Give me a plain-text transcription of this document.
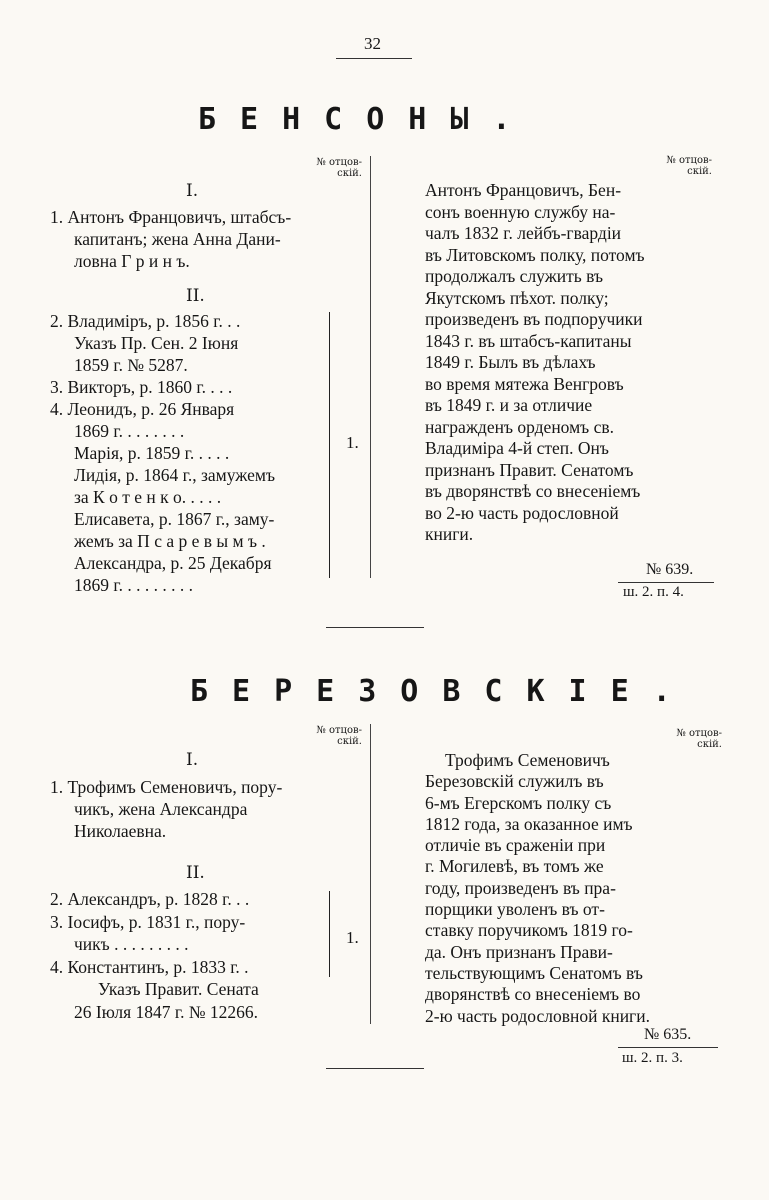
32
БЕНСОНЫ.
№ отцов-
скій.
№ отцов-
скій.
I.
1. Антонъ Францовичъ, штабсъ-
капитанъ; жена Анна Дани-
ловна Г р и н ъ.
II.
2. Владиміръ, р. 1856 г. . .
Указъ Пр. Сен. 2 Іюня
1859 г. № 5287.
3. Викторъ, р. 1860 г. . . .
4. Леонидъ, р. 26 Января
1869 г. . . . . . . .
Марія, р. 1859 г. . . . .
Лидія, р. 1864 г., замужемъ
за К о т е н к о. . . . .
Елисавета, р. 1867 г., заму-
жемъ за П с а р е в ы м ъ .
Александра, р. 25 Декабря
1869 г. . . . . . . . .
1.
Антонъ Францовичъ, Бен-
сонъ военную службу на-
чалъ 1832 г. лейбъ-гвардіи
въ Литовскомъ полку, потомъ
продолжалъ служить въ
Якутскомъ пѣхот. полку;
произведенъ въ подпоручики
1843 г. въ штабсъ-капитаны
1849 г. Былъ въ дѣлахъ
во время мятежа Венгровъ
въ 1849 г. и за отличие
награжденъ орденомъ св.
Владиміра 4-й степ. Онъ
признанъ Правит. Сенатомъ
въ дворянствѣ со внесеніемъ
во 2-ю часть родословной
книги.
№ 639.
ш. 2. п. 4.
БЕРЕЗОВСКІЕ.
№ отцов-
скій.
№ отцов-
скій.
I.
1. Трофимъ Семеновичъ, пору-
чикъ, жена Александра
Николаевна.
II.
2. Александръ, р. 1828 г. . .
3. Іосифъ, р. 1831 г., пору-
чикъ . . . . . . . . .
4. Константинъ, р. 1833 г. .
Указъ Правит. Сената
26 Іюля 1847 г. № 12266.
1.
Трофимъ Семеновичъ
Березовскій служилъ въ
6-мъ Егерскомъ полку съ
1812 года, за оказанное имъ
отличіе въ сраженіи при
г. Могилевѣ, въ томъ же
году, произведенъ въ пра-
порщики уволенъ въ от-
ставку поручикомъ 1819 го-
да. Онъ признанъ Прави-
тельствующимъ Сенатомъ въ
дворянствѣ со внесеніемъ во
2-ю часть родословной книги.
№ 635.
ш. 2. п. 3.
